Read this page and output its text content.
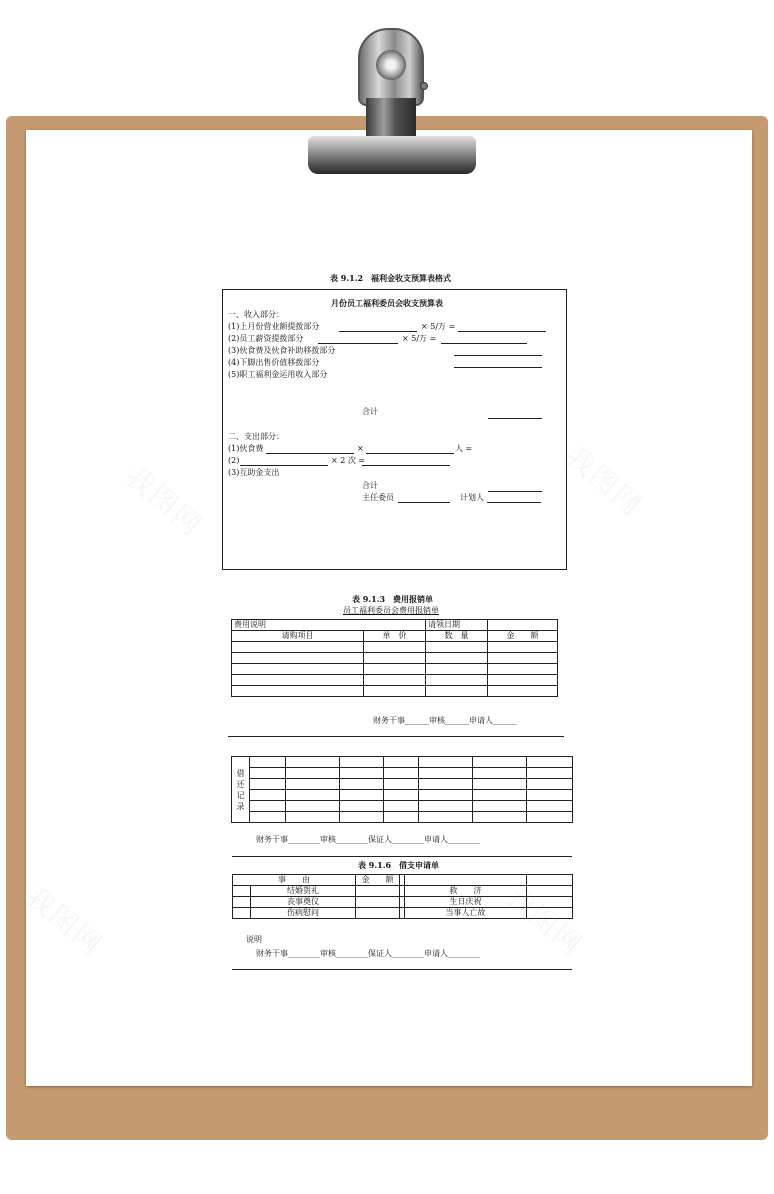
我图网	我图网
我图网	我图网
表 9.1.2　福利金收支预算表格式
月份员工福利委员会收支预算表
一、收入部分：
(1)上月份营业额提拨部分	× 5/万 =
(2)员工薪资提拨部分	× 5/万 =
(3)伙食费及伙食补助移拨部分
(4)下脚出售价值移拨部分
(5)职工福利金运用收入部分
合计
二、支出部分：
(1)伙食费	×	人 =
(2)	× 2 次 =
(3)互助金支出
合计
主任委员	计划人
表 9.1.3　费用报销单
员工福利委员会费用报销单
费用说明		请领日期	
请购项目	单　价	数　量	金　　额

财务干事______审核______申请人______
借
还
记
录							

财务干事________审核________保证人________申请人________
表 9.1.6　借支申请单
事　　由		金　　额			
	结婚贺礼			救　　济	
	丧事奠仪			生日庆祝	
	伤病慰问			当事人亡故	
说明
财务干事________审核________保证人________申请人________
